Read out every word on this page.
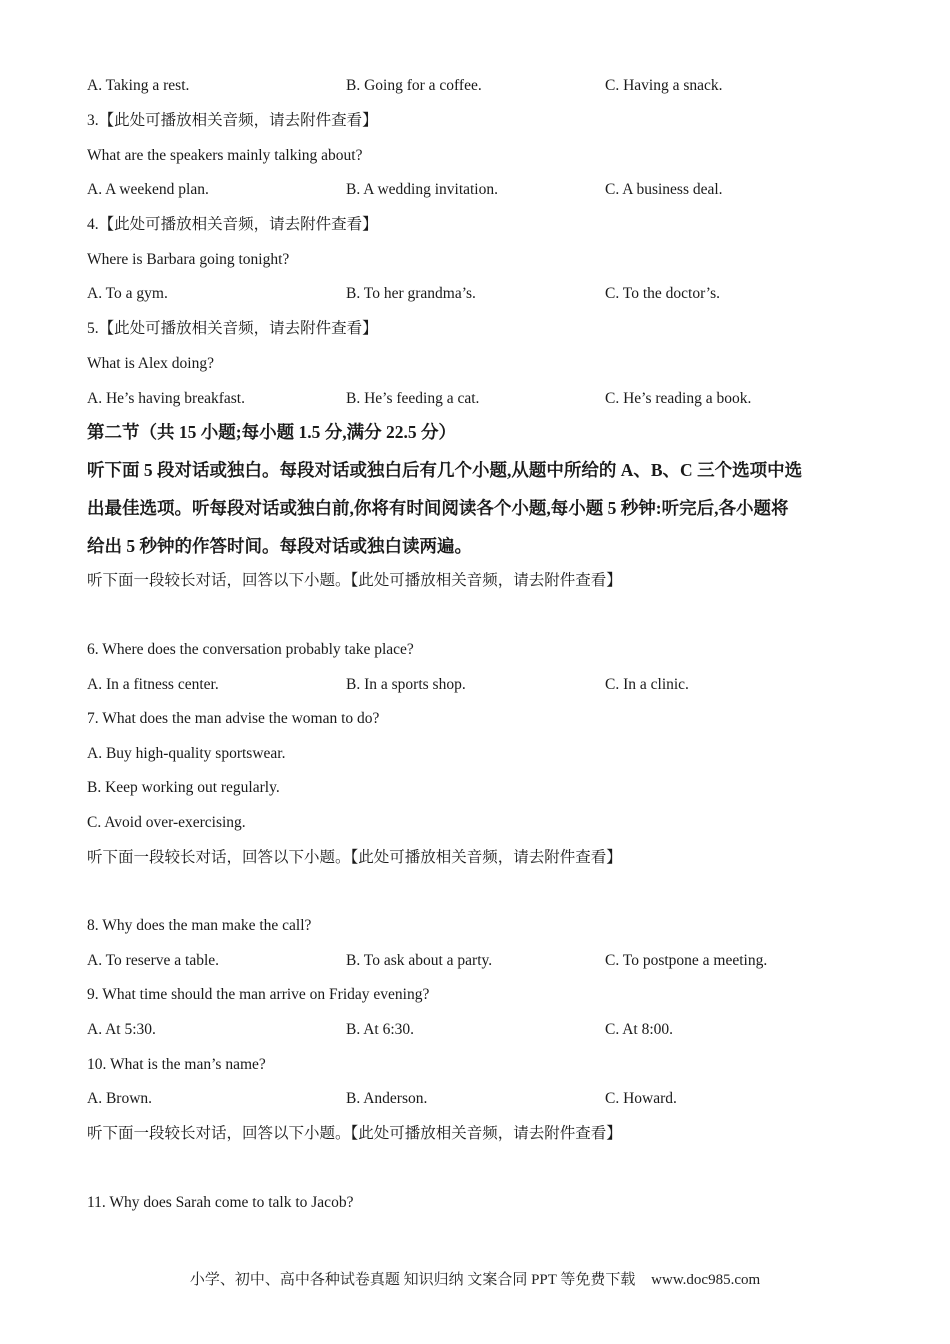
A. Taking a rest.	B. Going for a coffee.	C. Having a snack.
3.【此处可播放相关音频，请去附件查看】
What are the speakers mainly talking about?
A. A weekend plan.	B. A wedding invitation.	C. A business deal.
4.【此处可播放相关音频，请去附件查看】
Where is Barbara going tonight?
A. To a gym.	B. To her grandma’s.	C. To the doctor’s.
5.【此处可播放相关音频，请去附件查看】
What is Alex doing?
A. He’s having breakfast.	B. He’s feeding a cat.	C. He’s reading a book.
第二节（共 15 小题;每小题 1.5 分,满分 22.5 分）
听下面 5 段对话或独白。每段对话或独白后有几个小题,从题中所给的 A、B、C 三个选项中选
出最佳选项。听每段对话或独白前,你将有时间阅读各个小题,每小题 5 秒钟:听完后,各小题将
给出 5 秒钟的作答时间。每段对话或独白读两遍。
听下面一段较长对话，回答以下小题。【此处可播放相关音频，请去附件查看】
6. Where does the conversation probably take place?
A. In a fitness center.	B. In a sports shop.	C. In a clinic.
7. What does the man advise the woman to do?
A. Buy high-quality sportswear.
B. Keep working out regularly.
C. Avoid over-exercising.
听下面一段较长对话，回答以下小题。【此处可播放相关音频，请去附件查看】
8. Why does the man make the call?
A. To reserve a table.	B. To ask about a party.	C. To postpone a meeting.
9. What time should the man arrive on Friday evening?
A. At 5:30.	B. At 6:30.	C. At 8:00.
10. What is the man’s name?
A. Brown.	B. Anderson.	C. Howard.
听下面一段较长对话，回答以下小题。【此处可播放相关音频，请去附件查看】
11. Why does Sarah come to talk to Jacob?
小学、初中、高中各种试卷真题 知识归纳 文案合同 PPT 等免费下载 www.doc985.com
